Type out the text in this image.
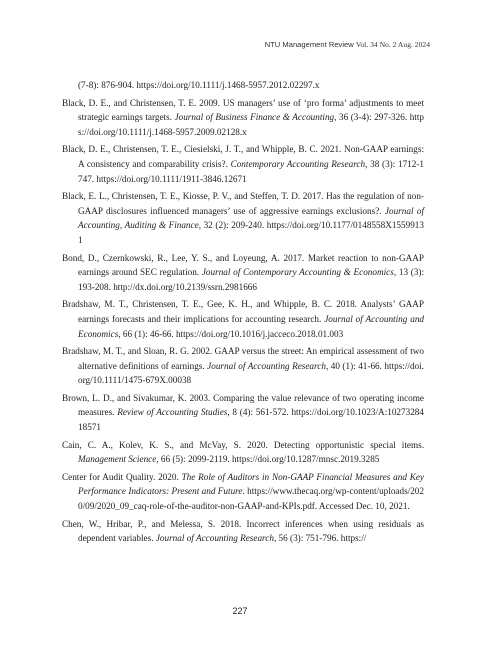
NTU Management Review Vol. 34 No. 2 Aug. 2024

(7-8): 876-904. https://doi.org/10.1111/j.1468-5957.2012.02297.x

Black, D. E., and Christensen, T. E. 2009. US managers’ use of ‘pro forma’ adjustments to meet strategic earnings targets. Journal of Business Finance & Accounting, 36 (3-4): 297-326. https://doi.org/10.1111/j.1468-5957.2009.02128.x

Black, D. E., Christensen, T. E., Ciesielski, J. T., and Whipple, B. C. 2021. Non-GAAP earnings: A consistency and comparability crisis?. Contemporary Accounting Research, 38 (3): 1712-1747. https://doi.org/10.1111/1911-3846.12671

Black, E. L., Christensen, T. E., Kiosse, P. V., and Steffen, T. D. 2017. Has the regulation of non-GAAP disclosures influenced managers’ use of aggressive earnings exclusions?. Journal of Accounting, Auditing & Finance, 32 (2): 209-240. https://doi.org/10.1177/0148558X15599131

Bond, D., Czernkowski, R., Lee, Y. S., and Loyeung, A. 2017. Market reaction to non-GAAP earnings around SEC regulation. Journal of Contemporary Accounting & Economics, 13 (3): 193-208. http://dx.doi.org/10.2139/ssrn.2981666

Bradshaw, M. T., Christensen, T. E., Gee, K. H., and Whipple, B. C. 2018. Analysts’ GAAP earnings forecasts and their implications for accounting research. Journal of Accounting and Economics, 66 (1): 46-66. https://doi.org/10.1016/j.jacceco.2018.01.003

Bradshaw, M. T., and Sloan, R. G. 2002. GAAP versus the street: An empirical assessment of two alternative definitions of earnings. Journal of Accounting Research, 40 (1): 41-66. https://doi.org/10.1111/1475-679X.00038

Brown, L. D., and Sivakumar, K. 2003. Comparing the value relevance of two operating income measures. Review of Accounting Studies, 8 (4): 561-572. https://doi.org/10.1023/A:1027328418571

Cain, C. A., Kolev, K. S., and McVay, S. 2020. Detecting opportunistic special items. Management Science, 66 (5): 2099-2119. https://doi.org/10.1287/mnsc.2019.3285

Center for Audit Quality. 2020. The Role of Auditors in Non-GAAP Financial Measures and Key Performance Indicators: Present and Future. https://www.thecaq.org/wp-content/uploads/2020/09/2020_09_caq-role-of-the-auditor-non-GAAP-and-KPIs.pdf. Accessed Dec. 10, 2021.

Chen, W., Hribar, P., and Melessa, S. 2018. Incorrect inferences when using residuals as dependent variables. Journal of Accounting Research, 56 (3): 751-796. https://

227
